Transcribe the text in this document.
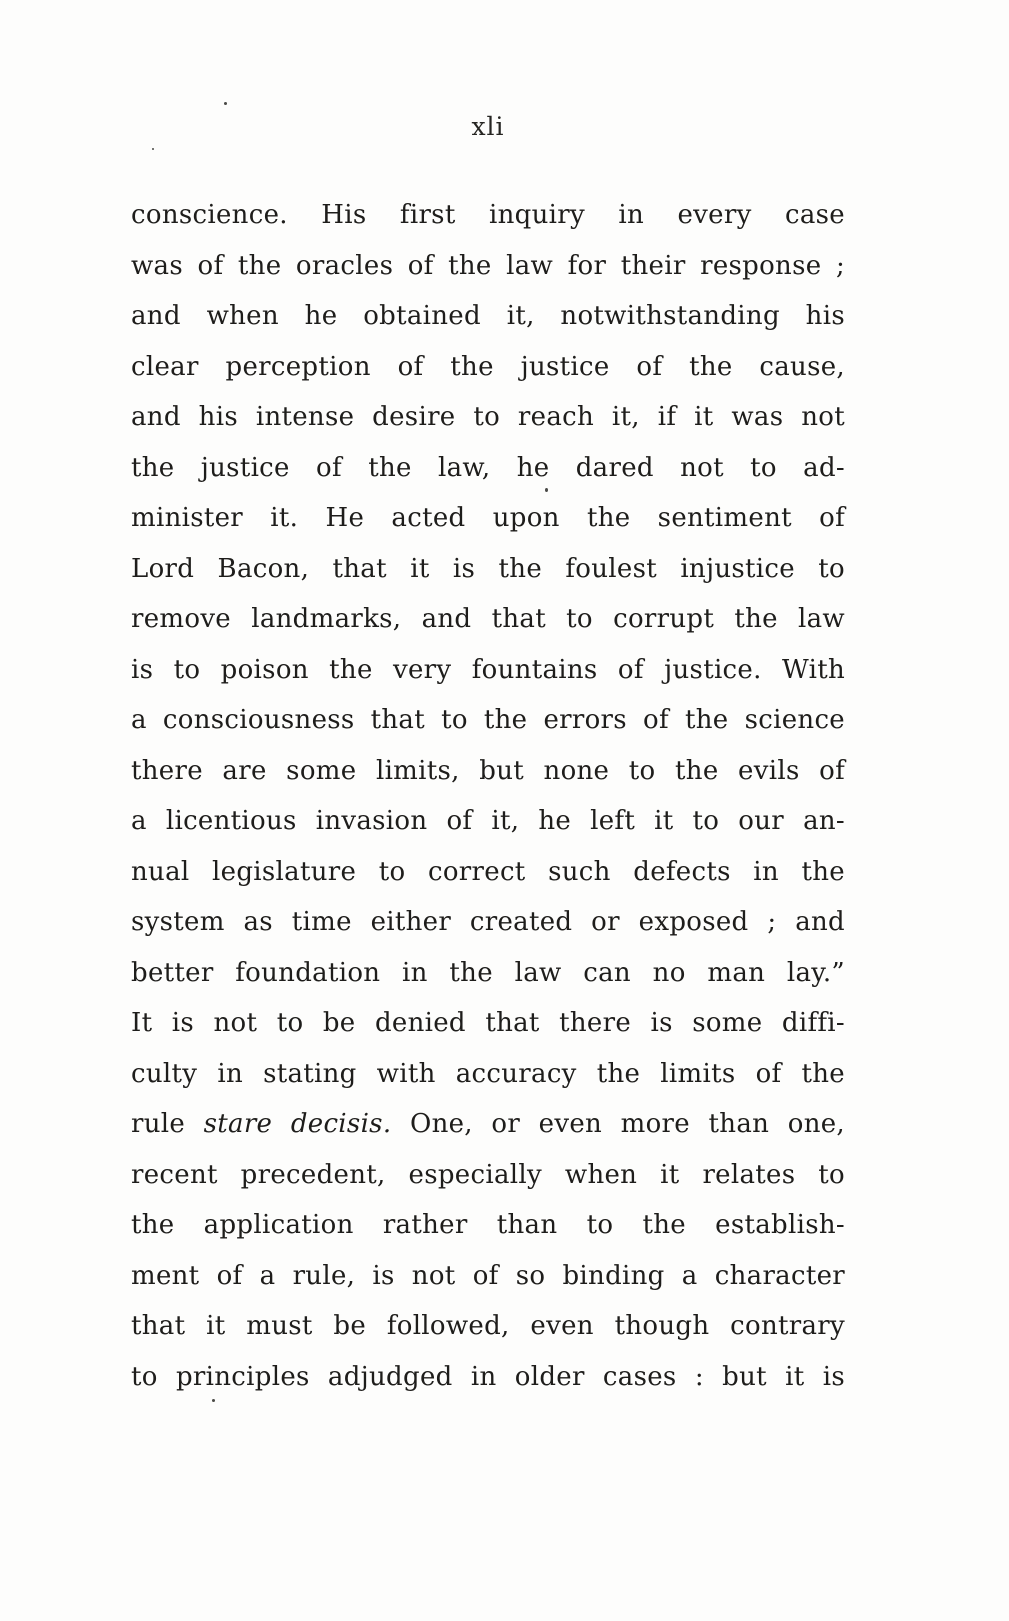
xli
conscience. His first inquiry in every case
was of the oracles of the law for their response ;
and when he obtained it, notwithstanding his
clear perception of the justice of the cause,
and his intense desire to reach it, if it was not
the justice of the law, he dared not to ad-
minister it. He acted upon the sentiment of
Lord Bacon, that it is the foulest injustice to
remove landmarks, and that to corrupt the law
is to poison the very fountains of justice. With
a consciousness that to the errors of the science
there are some limits, but none to the evils of
a licentious invasion of it, he left it to our an-
nual legislature to correct such defects in the
system as time either created or exposed ; and
better foundation in the law can no man lay.”
It is not to be denied that there is some diffi-
culty in stating with accuracy the limits of the
rule stare decisis. One, or even more than one,
recent precedent, especially when it relates to
the application rather than to the establish-
ment of a rule, is not of so binding a character
that it must be followed, even though contrary
to principles adjudged in older cases : but it is
